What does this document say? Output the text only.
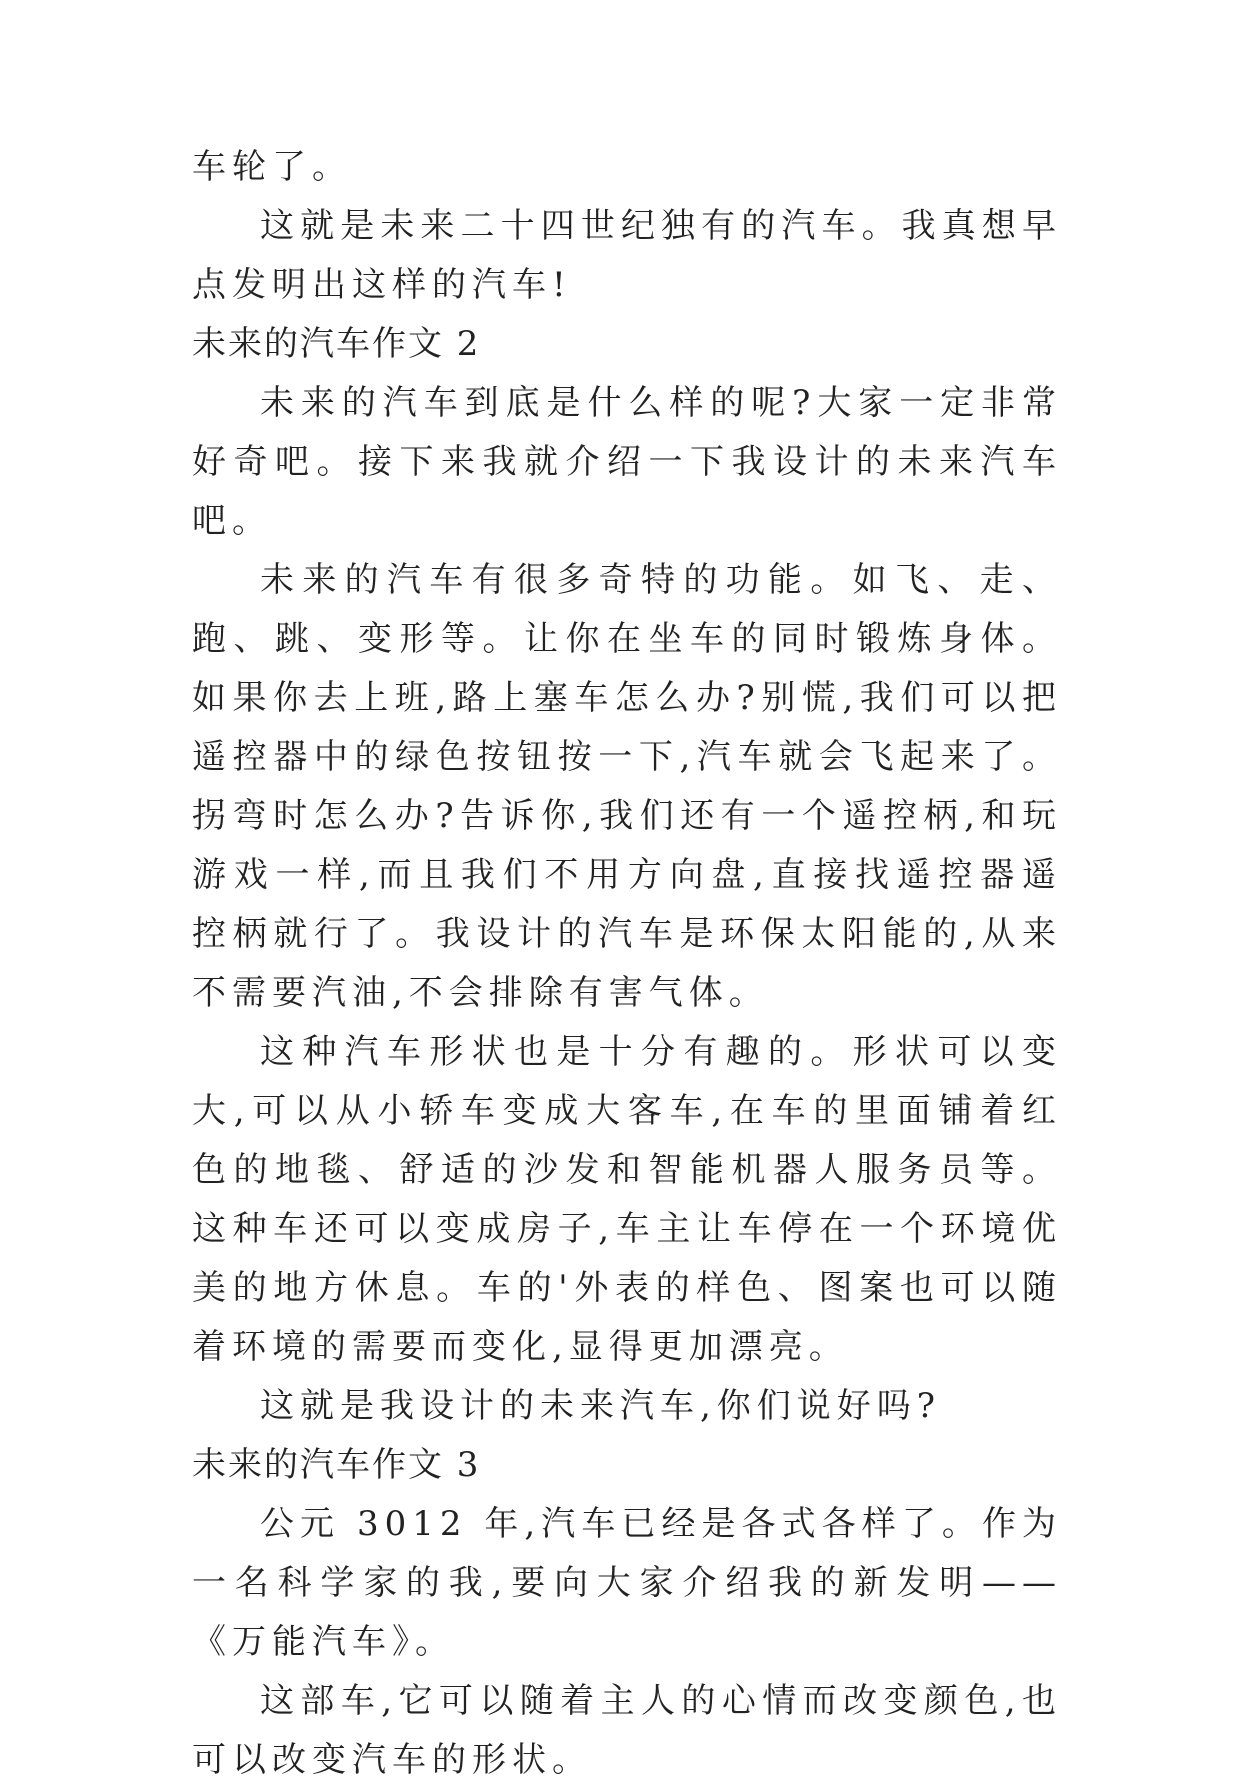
车轮了。

这就是未来二十四世纪独有的汽车。我真想早点发明出这样的汽车!

未来的汽车作文 2

未来的汽车到底是什么样的呢?大家一定非常好奇吧。接下来我就介绍一下我设计的未来汽车吧。

未来的汽车有很多奇特的功能。如飞、走、跑、跳、变形等。让你在坐车的同时锻炼身体。如果你去上班,路上塞车怎么办?别慌,我们可以把遥控器中的绿色按钮按一下,汽车就会飞起来了。拐弯时怎么办?告诉你,我们还有一个遥控柄,和玩游戏一样,而且我们不用方向盘,直接找遥控器遥控柄就行了。我设计的汽车是环保太阳能的,从来不需要汽油,不会排除有害气体。

这种汽车形状也是十分有趣的。形状可以变大,可以从小轿车变成大客车,在车的里面铺着红色的地毯、舒适的沙发和智能机器人服务员等。这种车还可以变成房子,车主让车停在一个环境优美的地方休息。车的'外表的样色、图案也可以随着环境的需要而变化,显得更加漂亮。

这就是我设计的未来汽车,你们说好吗?

未来的汽车作文 3

公元 3012 年,汽车已经是各式各样了。作为一名科学家的我,要向大家介绍我的新发明——《万能汽车》。

这部车,它可以随着主人的心情而改变颜色,也可以改变汽车的形状。
